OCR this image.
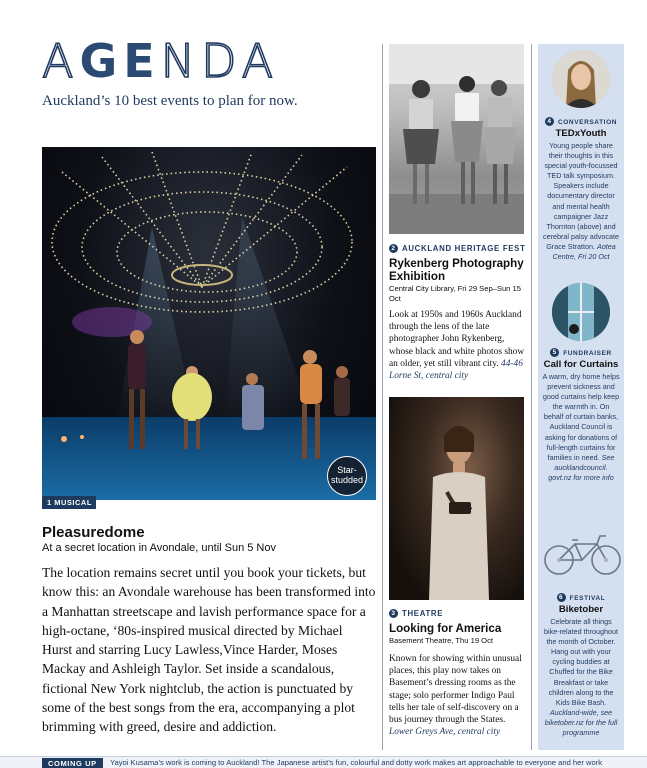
AGENDA
Auckland’s 10 best events to plan for now.
Star-studded
1 MUSICAL
Pleasuredome
At a secret location in Avondale, until Sun 5 Nov
The location remains secret until you book your tickets, but know this: an Avondale warehouse has been transformed into a Manhattan streetscape and lavish performance space for a high-octane, ‘80s-inspired musical directed by Michael Hurst and starring Lucy Lawless,Vince Harder, Moses Mackay and Ashleigh Taylor. Set inside a scandalous, fictional New York nightclub, the action is punctuated by some of the best songs from the era, accompanying a plot brimming with greed, desire and addiction.
2 AUCKLAND HERITAGE FEST
Rykenberg Photography Exhibition
Central City Library, Fri 29 Sep–Sun 15 Oct
Look at 1950s and 1960s Auckland through the lens of the late photographer John Rykenberg, whose black and white photos show an older, yet still vibrant city. 44-46 Lorne St, central city
3 THEATRE
Looking for America
Basement Theatre, Thu 19 Oct
Known for showing within unusual places, this play now takes on Basement’s dressing rooms as the stage; solo performer Indigo Paul tells her tale of self-discovery on a bus journey through the States. Lower Greys Ave, central city
4 CONVERSATION
TEDxYouth
Young people share their thoughts in this special youth-focussed TED talk symposium. Speakers include documentary director and mental health campaigner Jazz Thornton (above) and cerebral palsy advocate Grace Stratton. Aotea Centre, Fri 20 Oct
5 FUNDRAISER
Call for Curtains
A warm, dry home helps prevent sickness and good curtains help keep the warmth in. On behalf of curtain banks, Auckland Council is asking for donations of full-length curtains for families in need. See aucklandcouncil. govt.nz for more info
6 FESTIVAL
Biketober
Celebrate all things bike-related throughout the month of October. Hang out with your cycling buddies at Chuffed for the Bike Breakfast or take children along to the Kids Bike Bash. Auckland-wide, see biketober.nz for the full programme
COMING UP	Yayoi Kusama’s work is coming to Auckland! The Japanese artist’s fun, colourful and dotty work makes art approachable to everyone and her work
